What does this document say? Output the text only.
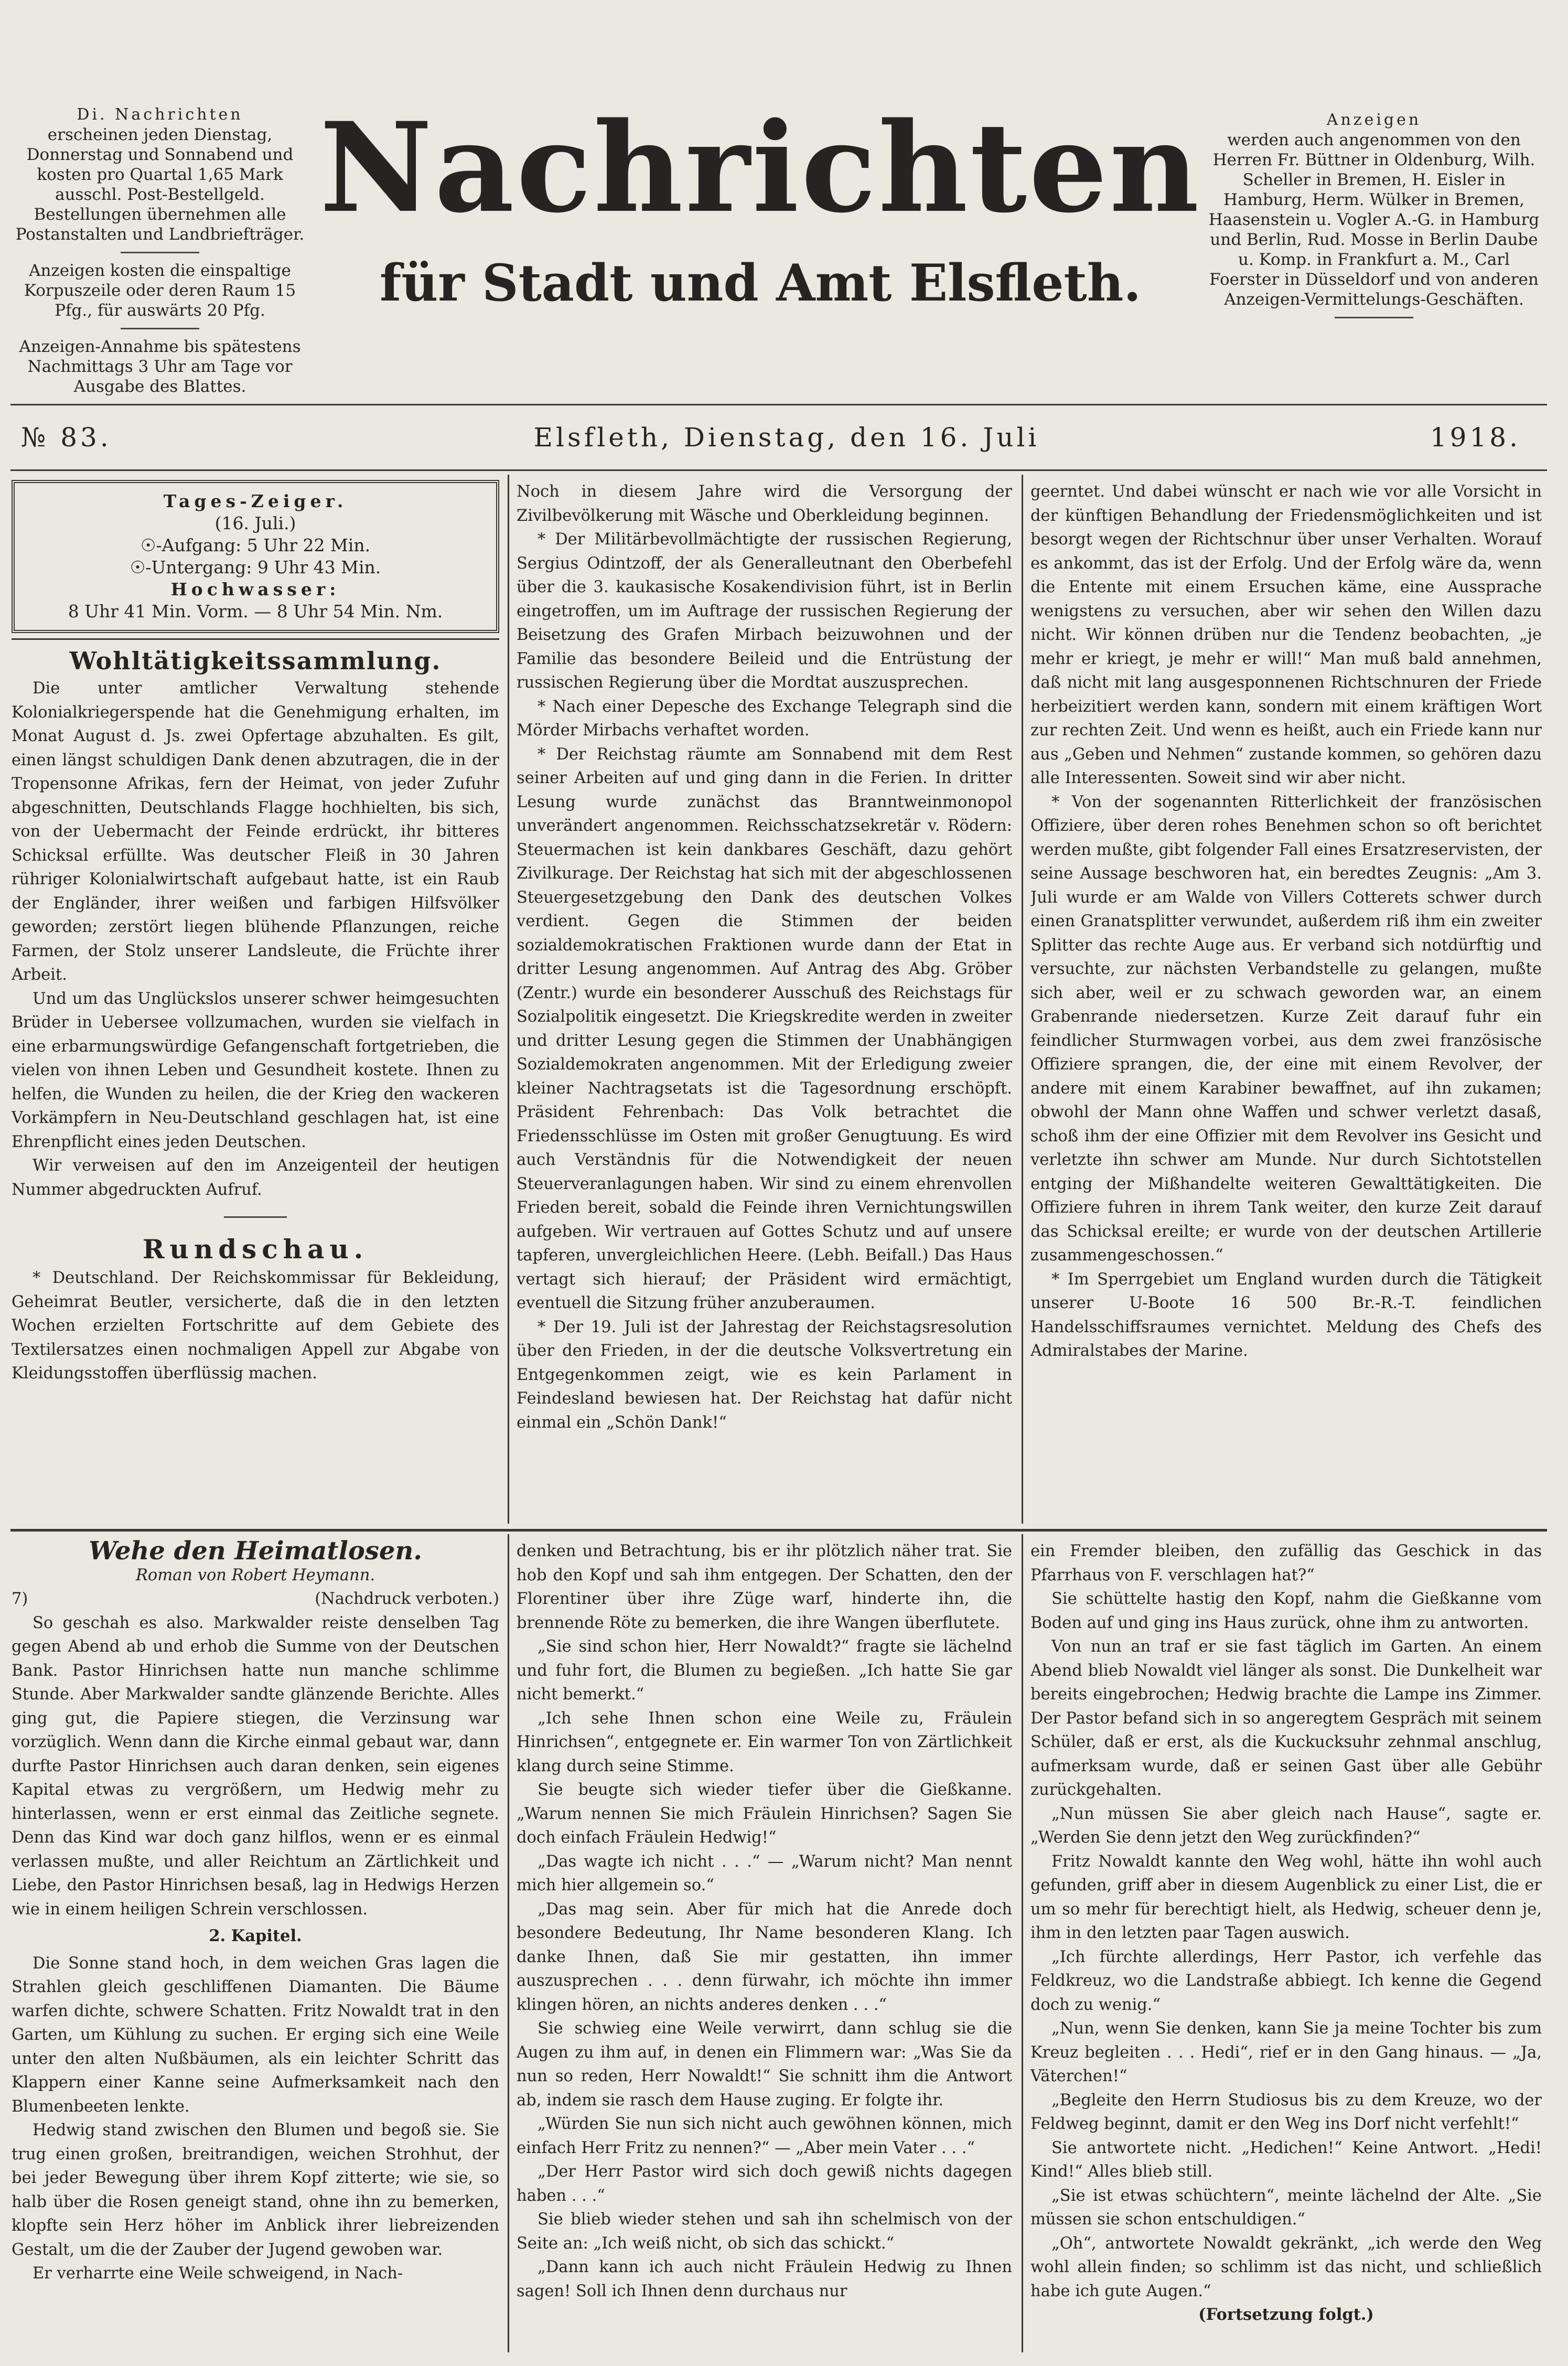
Di. Nachrichten
erscheinen jeden Dienstag, Donnerstag und Sonnabend und kosten pro Quartal 1,65 Mark ausschl. Post-Bestellgeld. Bestellungen übernehmen alle Postanstalten und Landbriefträger.
Anzeigen kosten die einspaltige Korpuszeile oder deren Raum 15 Pfg., für auswärts 20 Pfg.
Anzeigen-Annahme bis spätestens Nachmittags 3 Uhr am Tage vor Ausgabe des Blattes.
Nachrichten
für Stadt und Amt Elsfleth.
Anzeigen
werden auch angenommen von den Herren Fr. Büttner in Oldenburg, Wilh. Scheller in Bremen, H. Eisler in Hamburg, Herm. Wülker in Bremen, Haasenstein u. Vogler A.-G. in Hamburg und Berlin, Rud. Mosse in Berlin Daube u. Komp. in Frankfurt a. M., Carl Foerster in Düsseldorf und von anderen Anzeigen-Vermittelungs-Geschäften.
№ 83.	Elsfleth, Dienstag, den 16. Juli	1918.
Tages-Zeiger.
(16. Juli.)
☉-Aufgang: 5 Uhr 22 Min.
☉-Untergang: 9 Uhr 43 Min.
Hochwasser:
8 Uhr 41 Min. Vorm. — 8 Uhr 54 Min. Nm.
Wohltätigkeitssammlung.

Die unter amtlicher Verwaltung stehende Kolonialkriegerspende hat die Genehmigung erhalten, im Monat August d. Js. zwei Opfertage abzuhalten. Es gilt, einen längst schuldigen Dank denen abzutragen, die in der Tropensonne Afrikas, fern der Heimat, von jeder Zufuhr abgeschnitten, Deutschlands Flagge hochhielten, bis sich, von der Uebermacht der Feinde erdrückt, ihr bitteres Schicksal erfüllte. Was deutscher Fleiß in 30 Jahren rühriger Kolonialwirtschaft aufgebaut hatte, ist ein Raub der Engländer, ihrer weißen und farbigen Hilfsvölker geworden; zerstört liegen blühende Pflanzungen, reiche Farmen, der Stolz unserer Landsleute, die Früchte ihrer Arbeit.

Und um das Unglückslos unserer schwer heimgesuchten Brüder in Uebersee vollzumachen, wurden sie vielfach in eine erbarmungswürdige Gefangenschaft fortgetrieben, die vielen von ihnen Leben und Gesundheit kostete. Ihnen zu helfen, die Wunden zu heilen, die der Krieg den wackeren Vorkämpfern in Neu-Deutschland geschlagen hat, ist eine Ehrenpflicht eines jeden Deutschen.

Wir verweisen auf den im Anzeigenteil der heutigen Nummer abgedruckten Aufruf.

Rundschau.

* Deutschland. Der Reichskommissar für Bekleidung, Geheimrat Beutler, versicherte, daß die in den letzten Wochen erzielten Fortschritte auf dem Gebiete des Textilersatzes einen nochmaligen Appell zur Abgabe von Kleidungsstoffen überflüssig machen.

Noch in diesem Jahre wird die Versorgung der Zivilbevölkerung mit Wäsche und Oberkleidung beginnen.

* Der Militärbevollmächtigte der russischen Regierung, Sergius Odintzoff, der als Generalleutnant den Oberbefehl über die 3. kaukasische Kosakendivision führt, ist in Berlin eingetroffen, um im Auftrage der russischen Regierung der Beisetzung des Grafen Mirbach beizuwohnen und der Familie das besondere Beileid und die Entrüstung der russischen Regierung über die Mordtat auszusprechen.

* Nach einer Depesche des Exchange Telegraph sind die Mörder Mirbachs verhaftet worden.

* Der Reichstag räumte am Sonnabend mit dem Rest seiner Arbeiten auf und ging dann in die Ferien. In dritter Lesung wurde zunächst das Branntweinmonopol unverändert angenommen. Reichsschatzsekretär v. Rödern: Steuermachen ist kein dankbares Geschäft, dazu gehört Zivilkurage. Der Reichstag hat sich mit der abgeschlossenen Steuergesetzgebung den Dank des deutschen Volkes verdient. Gegen die Stimmen der beiden sozialdemokratischen Fraktionen wurde dann der Etat in dritter Lesung angenommen. Auf Antrag des Abg. Gröber (Zentr.) wurde ein besonderer Ausschuß des Reichstags für Sozialpolitik eingesetzt. Die Kriegskredite werden in zweiter und dritter Lesung gegen die Stimmen der Unabhängigen Sozialdemokraten angenommen. Mit der Erledigung zweier kleiner Nachtragsetats ist die Tagesordnung erschöpft. Präsident Fehrenbach: Das Volk betrachtet die Friedensschlüsse im Osten mit großer Genugtuung. Es wird auch Verständnis für die Notwendigkeit der neuen Steuerveranlagungen haben. Wir sind zu einem ehrenvollen Frieden bereit, sobald die Feinde ihren Vernichtungswillen aufgeben. Wir vertrauen auf Gottes Schutz und auf unsere tapferen, unvergleichlichen Heere. (Lebh. Beifall.) Das Haus vertagt sich hierauf; der Präsident wird ermächtigt, eventuell die Sitzung früher anzuberaumen.

* Der 19. Juli ist der Jahrestag der Reichstagsresolution über den Frieden, in der die deutsche Volksvertretung ein Entgegenkommen zeigt, wie es kein Parlament in Feindesland bewiesen hat. Der Reichstag hat dafür nicht einmal ein „Schön Dank!“

geerntet. Und dabei wünscht er nach wie vor alle Vorsicht in der künftigen Behandlung der Friedensmöglichkeiten und ist besorgt wegen der Richtschnur über unser Verhalten. Worauf es ankommt, das ist der Erfolg. Und der Erfolg wäre da, wenn die Entente mit einem Ersuchen käme, eine Aussprache wenigstens zu versuchen, aber wir sehen den Willen dazu nicht. Wir können drüben nur die Tendenz beobachten, „je mehr er kriegt, je mehr er will!“ Man muß bald annehmen, daß nicht mit lang ausgesponnenen Richtschnuren der Friede herbeizitiert werden kann, sondern mit einem kräftigen Wort zur rechten Zeit. Und wenn es heißt, auch ein Friede kann nur aus „Geben und Nehmen“ zustande kommen, so gehören dazu alle Interessenten. Soweit sind wir aber nicht.

* Von der sogenannten Ritterlichkeit der französischen Offiziere, über deren rohes Benehmen schon so oft berichtet werden mußte, gibt folgender Fall eines Ersatzreservisten, der seine Aussage beschworen hat, ein beredtes Zeugnis: „Am 3. Juli wurde er am Walde von Villers Cotterets schwer durch einen Granatsplitter verwundet, außerdem riß ihm ein zweiter Splitter das rechte Auge aus. Er verband sich notdürftig und versuchte, zur nächsten Verbandstelle zu gelangen, mußte sich aber, weil er zu schwach geworden war, an einem Grabenrande niedersetzen. Kurze Zeit darauf fuhr ein feindlicher Sturmwagen vorbei, aus dem zwei französische Offiziere sprangen, die, der eine mit einem Revolver, der andere mit einem Karabiner bewaffnet, auf ihn zukamen; obwohl der Mann ohne Waffen und schwer verletzt dasaß, schoß ihm der eine Offizier mit dem Revolver ins Gesicht und verletzte ihn schwer am Munde. Nur durch Sichtotstellen entging der Mißhandelte weiteren Gewalttätigkeiten. Die Offiziere fuhren in ihrem Tank weiter, den kurze Zeit darauf das Schicksal ereilte; er wurde von der deutschen Artillerie zusammengeschossen.“

* Im Sperrgebiet um England wurden durch die Tätigkeit unserer U-Boote 16 500 Br.-R.-T. feindlichen Handelsschiffsraumes vernichtet. Meldung des Chefs des Admiralstabes der Marine.

Wehe den Heimatlosen.
Roman von Robert Heymann.
7)	(Nachdruck verboten.)

So geschah es also. Markwalder reiste denselben Tag gegen Abend ab und erhob die Summe von der Deutschen Bank. Pastor Hinrichsen hatte nun manche schlimme Stunde. Aber Markwalder sandte glänzende Berichte. Alles ging gut, die Papiere stiegen, die Verzinsung war vorzüglich. Wenn dann die Kirche einmal gebaut war, dann durfte Pastor Hinrichsen auch daran denken, sein eigenes Kapital etwas zu vergrößern, um Hedwig mehr zu hinterlassen, wenn er erst einmal das Zeitliche segnete. Denn das Kind war doch ganz hilflos, wenn er es einmal verlassen mußte, und aller Reichtum an Zärtlichkeit und Liebe, den Pastor Hinrichsen besaß, lag in Hedwigs Herzen wie in einem heiligen Schrein verschlossen.

2. Kapitel.

Die Sonne stand hoch, in dem weichen Gras lagen die Strahlen gleich geschliffenen Diamanten. Die Bäume warfen dichte, schwere Schatten. Fritz Nowaldt trat in den Garten, um Kühlung zu suchen. Er erging sich eine Weile unter den alten Nußbäumen, als ein leichter Schritt das Klappern einer Kanne seine Aufmerksamkeit nach den Blumenbeeten lenkte.

Hedwig stand zwischen den Blumen und begoß sie. Sie trug einen großen, breitrandigen, weichen Strohhut, der bei jeder Bewegung über ihrem Kopf zitterte; wie sie, so halb über die Rosen geneigt stand, ohne ihn zu bemerken, klopfte sein Herz höher im Anblick ihrer liebreizenden Gestalt, um die der Zauber der Jugend gewoben war.

Er verharrte eine Weile schweigend, in Nach-

denken und Betrachtung, bis er ihr plötzlich näher trat. Sie hob den Kopf und sah ihm entgegen. Der Schatten, den der Florentiner über ihre Züge warf, hinderte ihn, die brennende Röte zu bemerken, die ihre Wangen überflutete.

„Sie sind schon hier, Herr Nowaldt?“ fragte sie lächelnd und fuhr fort, die Blumen zu begießen. „Ich hatte Sie gar nicht bemerkt.“

„Ich sehe Ihnen schon eine Weile zu, Fräulein Hinrichsen“, entgegnete er. Ein warmer Ton von Zärtlichkeit klang durch seine Stimme.

Sie beugte sich wieder tiefer über die Gießkanne. „Warum nennen Sie mich Fräulein Hinrichsen? Sagen Sie doch einfach Fräulein Hedwig!“

„Das wagte ich nicht . . .“ — „Warum nicht? Man nennt mich hier allgemein so.“

„Das mag sein. Aber für mich hat die Anrede doch besondere Bedeutung, Ihr Name besonderen Klang. Ich danke Ihnen, daß Sie mir gestatten, ihn immer auszusprechen . . . denn fürwahr, ich möchte ihn immer klingen hören, an nichts anderes denken . . .“

Sie schwieg eine Weile verwirrt, dann schlug sie die Augen zu ihm auf, in denen ein Flimmern war: „Was Sie da nun so reden, Herr Nowaldt!“ Sie schnitt ihm die Antwort ab, indem sie rasch dem Hause zuging. Er folgte ihr.

„Würden Sie nun sich nicht auch gewöhnen können, mich einfach Herr Fritz zu nennen?“ — „Aber mein Vater . . .“

„Der Herr Pastor wird sich doch gewiß nichts dagegen haben . . .“

Sie blieb wieder stehen und sah ihn schelmisch von der Seite an: „Ich weiß nicht, ob sich das schickt.“

„Dann kann ich auch nicht Fräulein Hedwig zu Ihnen sagen! Soll ich Ihnen denn durchaus nur

ein Fremder bleiben, den zufällig das Geschick in das Pfarrhaus von F. verschlagen hat?“

Sie schüttelte hastig den Kopf, nahm die Gießkanne vom Boden auf und ging ins Haus zurück, ohne ihm zu antworten.

Von nun an traf er sie fast täglich im Garten. An einem Abend blieb Nowaldt viel länger als sonst. Die Dunkelheit war bereits eingebrochen; Hedwig brachte die Lampe ins Zimmer. Der Pastor befand sich in so angeregtem Gespräch mit seinem Schüler, daß er erst, als die Kuckucksuhr zehnmal anschlug, aufmerksam wurde, daß er seinen Gast über alle Gebühr zurückgehalten.

„Nun müssen Sie aber gleich nach Hause“, sagte er. „Werden Sie denn jetzt den Weg zurückfinden?“

Fritz Nowaldt kannte den Weg wohl, hätte ihn wohl auch gefunden, griff aber in diesem Augenblick zu einer List, die er um so mehr für berechtigt hielt, als Hedwig, scheuer denn je, ihm in den letzten paar Tagen auswich.

„Ich fürchte allerdings, Herr Pastor, ich verfehle das Feldkreuz, wo die Landstraße abbiegt. Ich kenne die Gegend doch zu wenig.“

„Nun, wenn Sie denken, kann Sie ja meine Tochter bis zum Kreuz begleiten . . . Hedi“, rief er in den Gang hinaus. — „Ja, Väterchen!“

„Begleite den Herrn Studiosus bis zu dem Kreuze, wo der Feldweg beginnt, damit er den Weg ins Dorf nicht verfehlt!“

Sie antwortete nicht. „Hedichen!“ Keine Antwort. „Hedi! Kind!“ Alles blieb still.

„Sie ist etwas schüchtern“, meinte lächelnd der Alte. „Sie müssen sie schon entschuldigen.“

„Oh“, antwortete Nowaldt gekränkt, „ich werde den Weg wohl allein finden; so schlimm ist das nicht, und schließlich habe ich gute Augen.“

(Fortsetzung folgt.)
